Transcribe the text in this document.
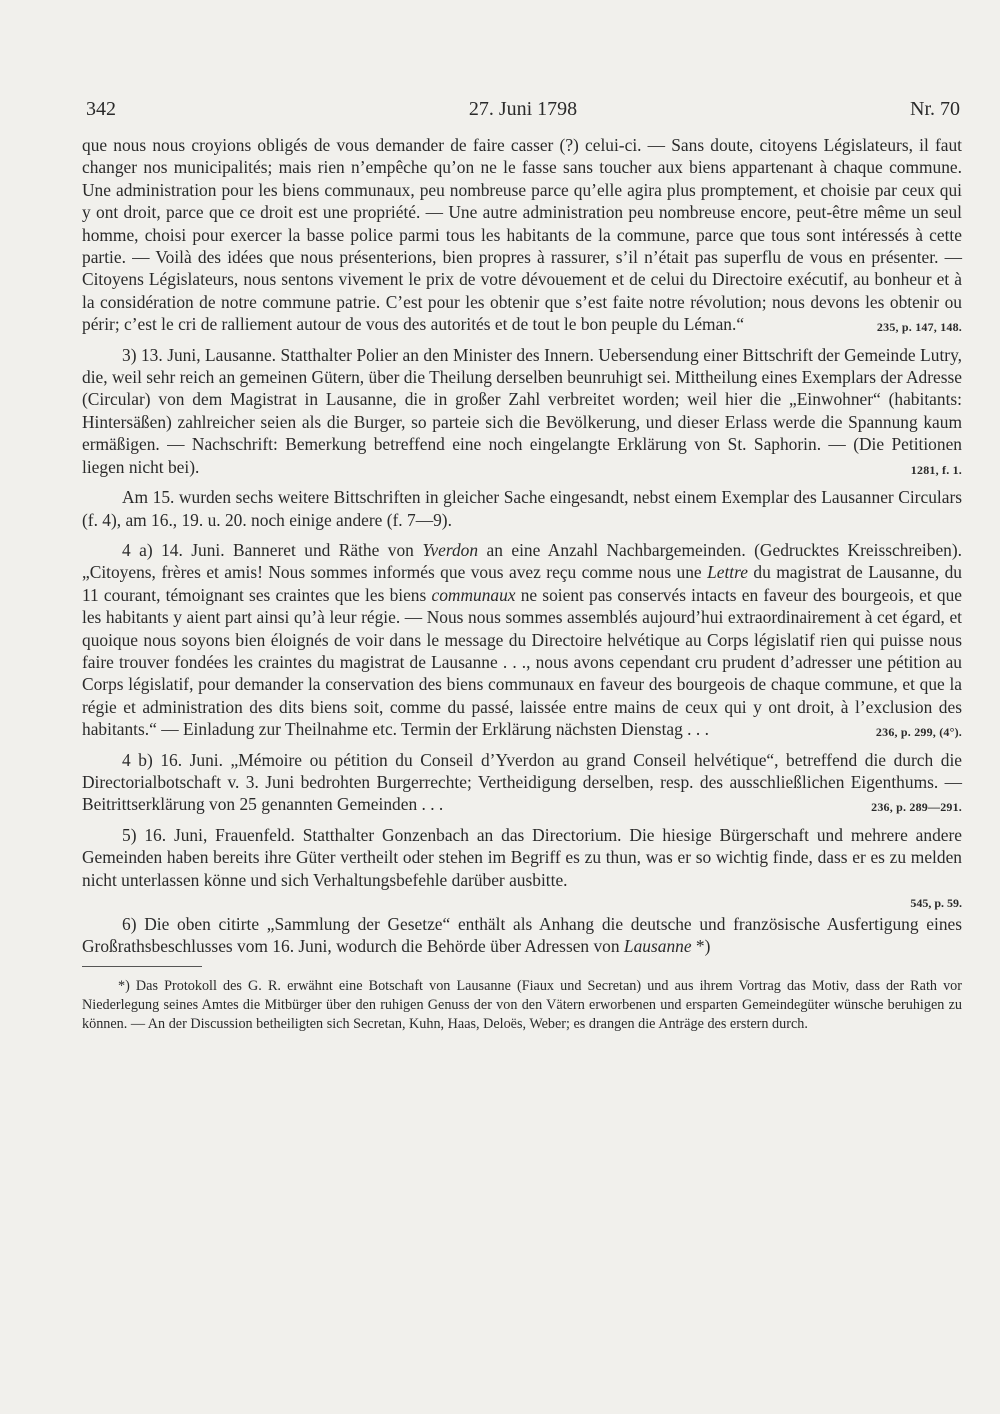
342	27. Juni 1798	Nr. 70

que nous nous croyions obligés de vous demander de faire casser (?) celui-ci. — Sans doute, citoyens Législateurs, il faut changer nos municipalités; mais rien n’empêche qu’on ne le fasse sans toucher aux biens appartenant à chaque commune. Une administration pour les biens communaux, peu nombreuse parce qu’elle agira plus promptement, et choisie par ceux qui y ont droit, parce que ce droit est une propriété. — Une autre administration peu nombreuse encore, peut-être même un seul homme, choisi pour exercer la basse police parmi tous les habitants de la commune, parce que tous sont intéressés à cette partie. — Voilà des idées que nous présenterions, bien propres à rassurer, s’il n’était pas superflu de vous en présenter. — Citoyens Législateurs, nous sentons vivement le prix de votre dévouement et de celui du Directoire exécutif, au bonheur et à la considération de notre commune patrie. C’est pour les obtenir que s’est faite notre révolution; nous devons les obtenir ou périr; c’est le cri de ralliement autour de vous des autorités et de tout le bon peuple du Léman.“	235, p. 147, 148.

3) 13. Juni, Lausanne. Statthalter Polier an den Minister des Innern. Uebersendung einer Bittschrift der Gemeinde Lutry, die, weil sehr reich an gemeinen Gütern, über die Theilung derselben beunruhigt sei. Mittheilung eines Exemplars der Adresse (Circular) von dem Magistrat in Lausanne, die in großer Zahl verbreitet worden; weil hier die „Einwohner“ (habitants: Hintersäßen) zahlreicher seien als die Burger, so parteie sich die Bevölkerung, und dieser Erlass werde die Spannung kaum ermäßigen. — Nachschrift: Bemerkung betreffend eine noch eingelangte Erklärung von St. Saphorin. — (Die Petitionen liegen nicht bei).	1281, f. 1.

Am 15. wurden sechs weitere Bittschriften in gleicher Sache eingesandt, nebst einem Exemplar des Lausanner Circulars (f. 4), am 16., 19. u. 20. noch einige andere (f. 7—9).

4 a) 14. Juni. Banneret und Räthe von Yverdon an eine Anzahl Nachbargemeinden. (Gedrucktes Kreisschreiben). „Citoyens, frères et amis! Nous sommes informés que vous avez reçu comme nous une Lettre du magistrat de Lausanne, du 11 courant, témoignant ses craintes que les biens communaux ne soient pas conservés intacts en faveur des bourgeois, et que les habitants y aient part ainsi qu’à leur régie. — Nous nous sommes assemblés aujourd’hui extraordinairement à cet égard, et quoique nous soyons bien éloignés de voir dans le message du Directoire helvétique au Corps législatif rien qui puisse nous faire trouver fondées les craintes du magistrat de Lausanne . . ., nous avons cependant cru prudent d’adresser une pétition au Corps législatif, pour demander la conservation des biens communaux en faveur des bourgeois de chaque commune, et que la régie et administration des dits biens soit, comme du passé, laissée entre mains de ceux qui y ont droit, à l’exclusion des habitants.“ — Einladung zur Theilnahme etc. Termin der Erklärung nächsten Dienstag . . .	236, p. 299, (4°).

4 b) 16. Juni. „Mémoire ou pétition du Conseil d’Yverdon au grand Conseil helvétique“, betreffend die durch die Directorialbotschaft v. 3. Juni bedrohten Burgerrechte; Vertheidigung derselben, resp. des ausschließlichen Eigenthums. — Beitrittserklärung von 25 genannten Gemeinden . . .	236, p. 289—291.

5) 16. Juni, Frauenfeld. Statthalter Gonzenbach an das Directorium. Die hiesige Bürgerschaft und mehrere andere Gemeinden haben bereits ihre Güter vertheilt oder stehen im Begriff es zu thun, was er so wichtig finde, dass er es zu melden nicht unterlassen könne und sich Verhaltungsbefehle darüber ausbitte.

545, p. 59.

6) Die oben citirte „Sammlung der Gesetze“ enthält als Anhang die deutsche und französische Ausfertigung eines Großrathsbeschlusses vom 16. Juni, wodurch die Behörde über Adressen von Lausanne *)

*) Das Protokoll des G. R. erwähnt eine Botschaft von Lausanne (Fiaux und Secretan) und aus ihrem Vortrag das Motiv, dass der Rath vor Niederlegung seines Amtes die Mitbürger über den ruhigen Genuss der von den Vätern erworbenen und ersparten Gemeindegüter wünsche beruhigen zu können. — An der Discussion betheiligten sich Secretan, Kuhn, Haas, Deloës, Weber; es drangen die Anträge des erstern durch.
